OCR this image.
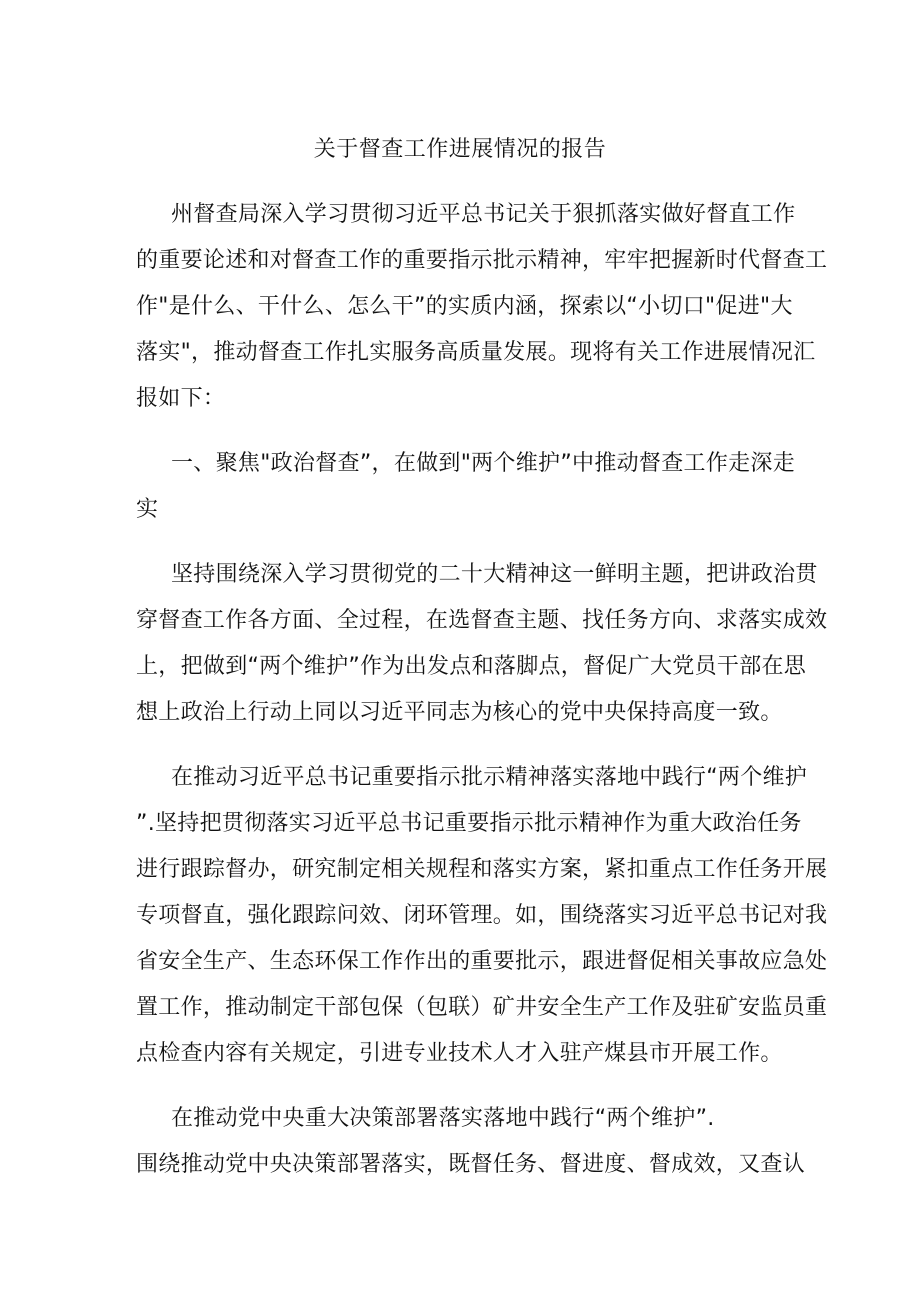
关于督查工作进展情况的报告
州督查局深入学习贯彻习近平总书记关于狠抓落实做好督直工作
的重要论述和对督查工作的重要指示批示精神，牢牢把握新时代督查工
作"是什么、干什么、怎么干”的实质内涵，探索以“小切口"促进"大
落实"，推动督查工作扎实服务高质量发展。现将有关工作进展情况汇
报如下：
一、聚焦"政治督查”，在做到"两个维护”中推动督查工作走深走
实
坚持围绕深入学习贯彻党的二十大精神这一鲜明主题，把讲政治贯
穿督查工作各方面、全过程，在选督查主题、找任务方向、求落实成效
上，把做到“两个维护”作为出发点和落脚点，督促广大党员干部在思
想上政治上行动上同以习近平同志为核心的党中央保持高度一致。
在推动习近平总书记重要指示批示精神落实落地中践行“两个维护
”.坚持把贯彻落实习近平总书记重要指示批示精神作为重大政治任务
进行跟踪督办，研究制定相关规程和落实方案，紧扣重点工作任务开展
专项督直，强化跟踪问效、闭环管理。如，围绕落实习近平总书记对我
省安全生产、生态环保工作作出的重要批示，跟进督促相关事故应急处
置工作，推动制定干部包保（包联）矿井安全生产工作及驻矿安监员重
点检查内容有关规定，引进专业技术人才入驻产煤县市开展工作。
在推动党中央重大决策部署落实落地中践行“两个维护”.
围绕推动党中央决策部署落实，既督任务、督进度、督成效，又查认
